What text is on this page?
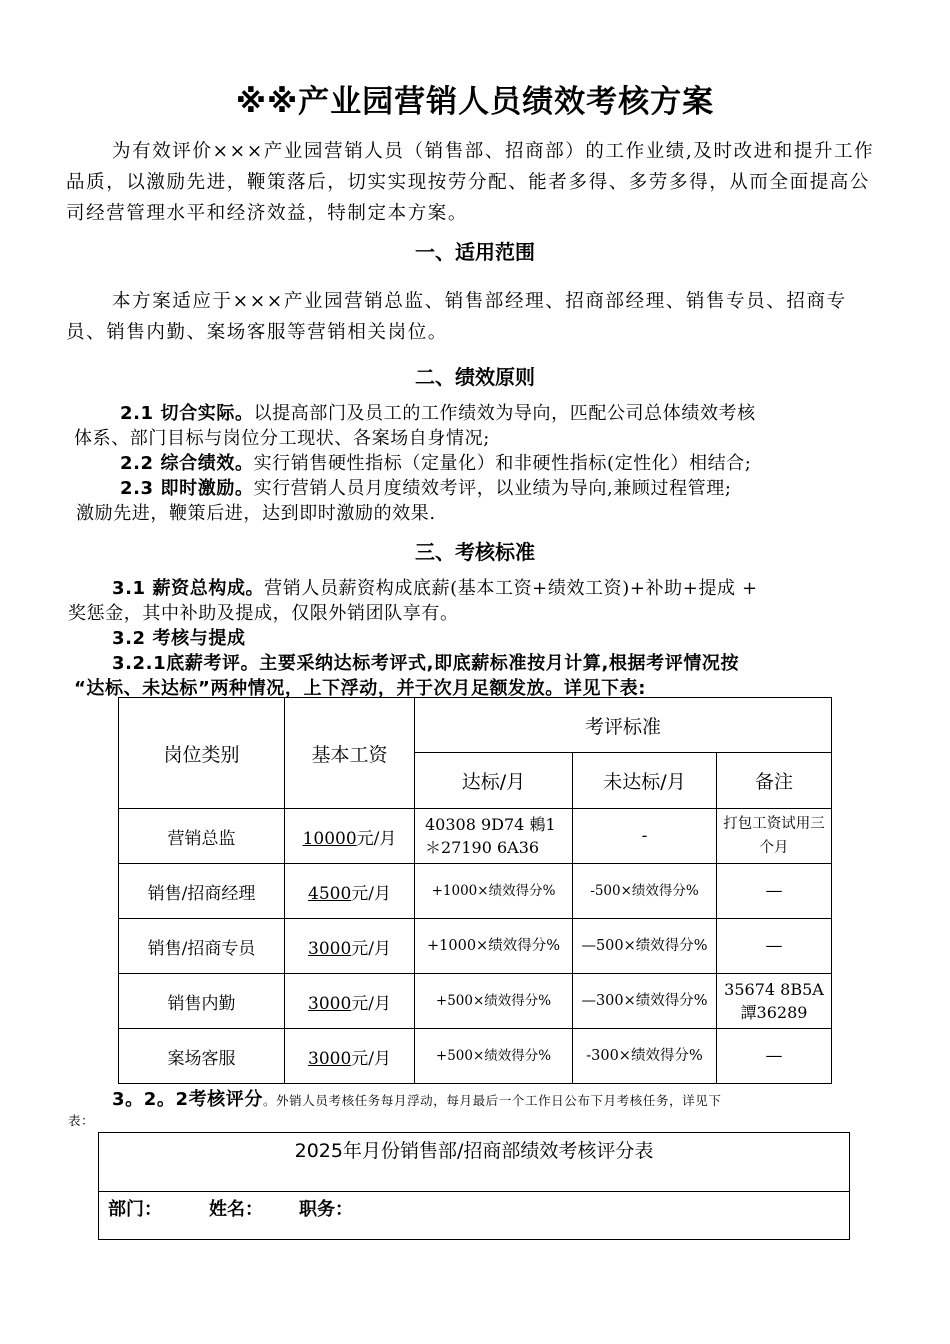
※※产业园营销人员绩效考核方案

为有效评价×××产业园营销人员（销售部、招商部）的工作业绩,及时改进和提升工作品质，以激励先进，鞭策落后，切实实现按劳分配、能者多得、多劳多得，从而全面提高公司经营管理水平和经济效益，特制定本方案。

一、适用范围

本方案适应于×××产业园营销总监、销售部经理、招商部经理、销售专员、招商专员、销售内勤、案场客服等营销相关岗位。

二、绩效原则
2.1 切合实际。以提高部门及员工的工作绩效为导向，匹配公司总体绩效考核
体系、部门目标与岗位分工现状、各案场自身情况;
2.2 综合绩效。实行销售硬性指标（定量化）和非硬性指标(定性化）相结合;
2.3 即时激励。实行营销人员月度绩效考评，以业绩为导向,兼顾过程管理;
激励先进，鞭策后进，达到即时激励的效果.
三、考核标准
3.1 薪资总构成。营销人员薪资构成底薪(基本工资+绩效工资)+补助+提成 +
奖惩金，其中补助及提成，仅限外销团队享有。
3.2 考核与提成
3.2.1底薪考评。主要采纳达标考评式,即底薪标准按月计算,根据考评情况按
“达标、未达标”两种情况，上下浮动，并于次月足额发放。详见下表:
岗位类别	基本工资	考评标准		
		达标/月	未达标/月	备注
营销总监	10000元/月	40308 9D74 鵣1＊27190 6A36	-	打包工资试用三个月
销售/招商经理	4500元/月	+1000×绩效得分%	-500×绩效得分%	—
销售/招商专员	3000元/月	+1000×绩效得分%	—500×绩效得分%	—
销售内勤	3000元/月	+500×绩效得分%	—300×绩效得分%	35674 8B5A 譚36289
案场客服	3000元/月	+500×绩效得分%	-300×绩效得分%	—
3。2。2考核评分。外销人员考核任务每月浮动，每月最后一个工作日公布下月考核任务，详见下
表：
2025年月份销售部/招商部绩效考核评分表
部门：	姓名： 职务：
